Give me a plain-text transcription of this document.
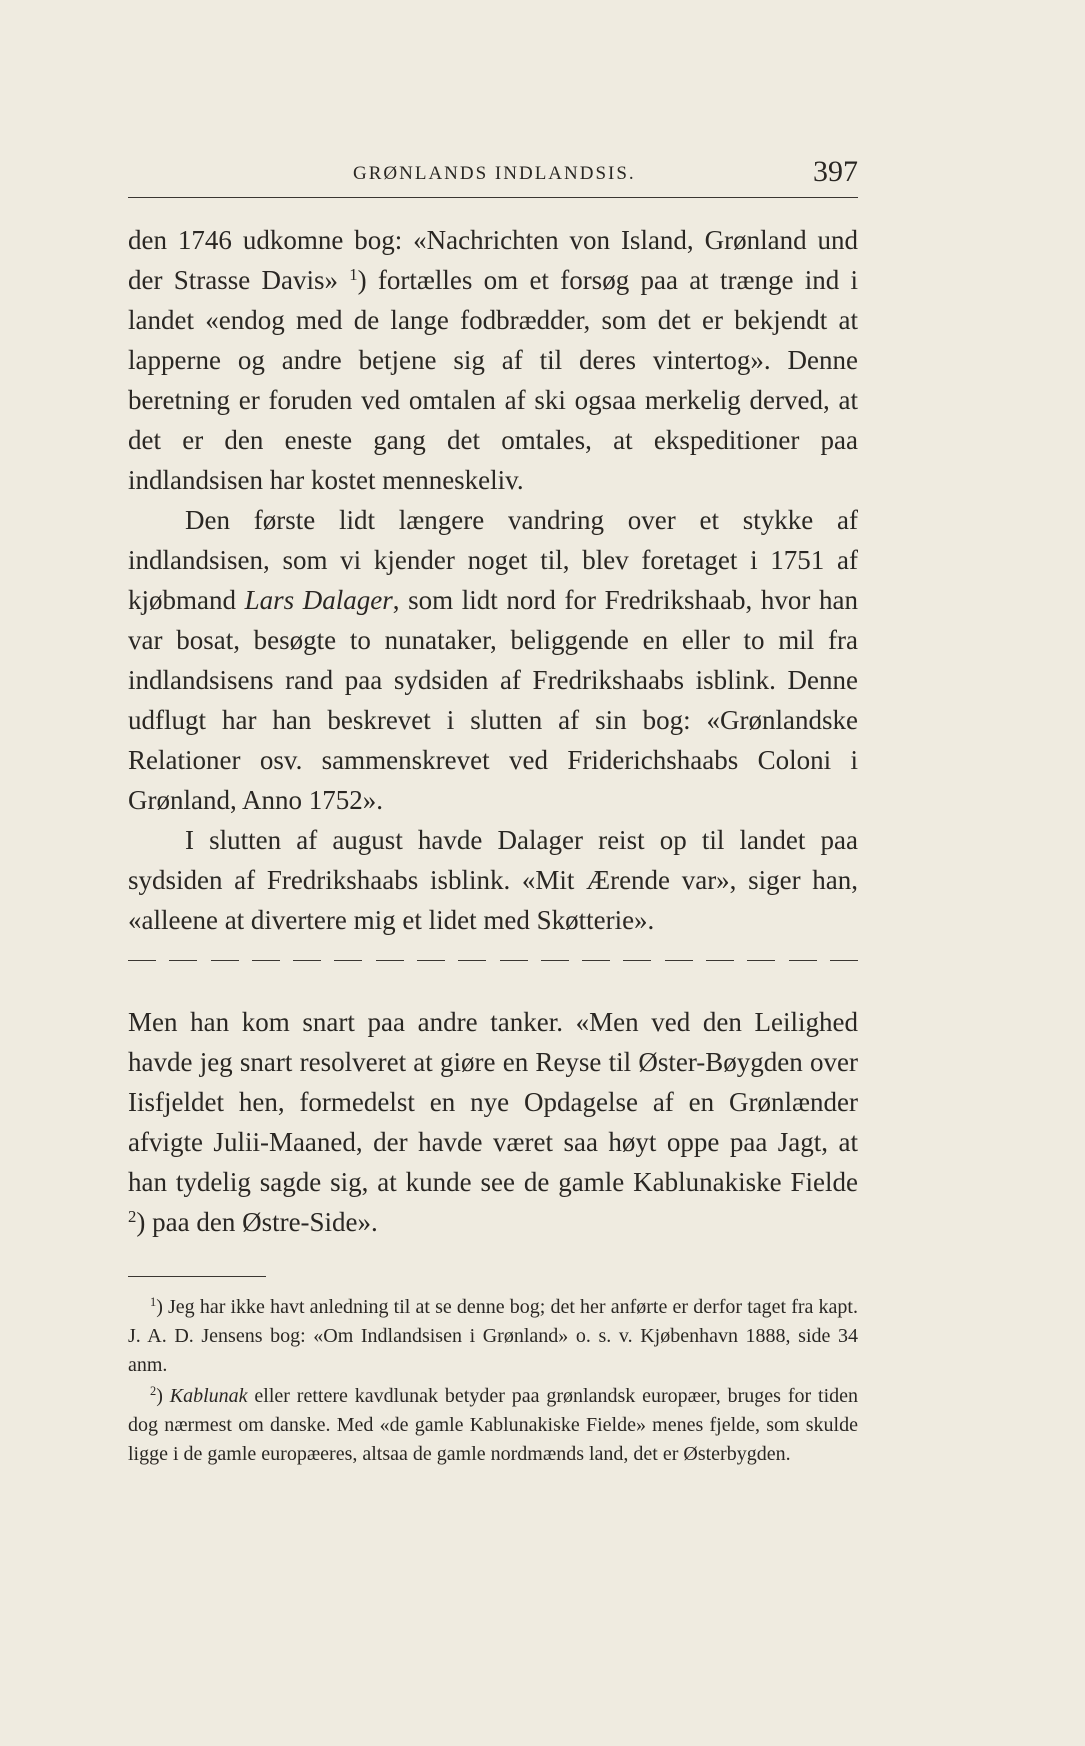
GRØNLANDS INDLANDSIS.	397

den 1746 udkomne bog: «Nachrichten von Island, Grønland und der Strasse Davis» $^1$) fortælles om et forsøg paa at trænge ind i landet «endog med de lange fodbrædder, som det er bekjendt at lapperne og andre betjene sig af til deres vintertog». Denne beretning er foruden ved omtalen af ski ogsaa merkelig derved, at det er den eneste gang det omtales, at ekspeditioner paa indlandsisen har kostet menneskeliv.

Den første lidt længere vandring over et stykke af indlandsisen, som vi kjender noget til, blev foretaget i 1751 af kjøbmand Lars Dalager, som lidt nord for Fredrikshaab, hvor han var bosat, besøgte to nunataker, beliggende en eller to mil fra indlandsisens rand paa sydsiden af Fredrikshaabs isblink. Denne udflugt har han beskrevet i slutten af sin bog: «Grønlandske Relationer osv. sammenskrevet ved Friderichshaabs Coloni i Grønland, Anno 1752».

I slutten af august havde Dalager reist op til landet paa sydsiden af Fredrikshaabs isblink. «Mit Ærende var», siger han, «alleene at divertere mig et lidet med Skøtterie».

Men han kom snart paa andre tanker. «Men ved den Leilighed havde jeg snart resolveret at giøre en Reyse til Øster-Bøygden over Iisfjeldet hen, formedelst en nye Opdagelse af en Grønlænder afvigte Julii-Maaned, der havde været saa høyt oppe paa Jagt, at han tydelig sagde sig, at kunde see de gamle Kablunakiske Fielde $^2$) paa den Østre-Side».

$^1$) Jeg har ikke havt anledning til at se denne bog; det her anførte er derfor taget fra kapt. J. A. D. Jensens bog: «Om Indlandsisen i Grønland» o. s. v. Kjøbenhavn 1888, side 34 anm.

$^2$) Kablunak eller rettere kavdlunak betyder paa grønlandsk europæer, bruges for tiden dog nærmest om danske. Med «de gamle Kablunakiske Fielde» menes fjelde, som skulde ligge i de gamle europæeres, altsaa de gamle nordmænds land, det er Østerbygden.
